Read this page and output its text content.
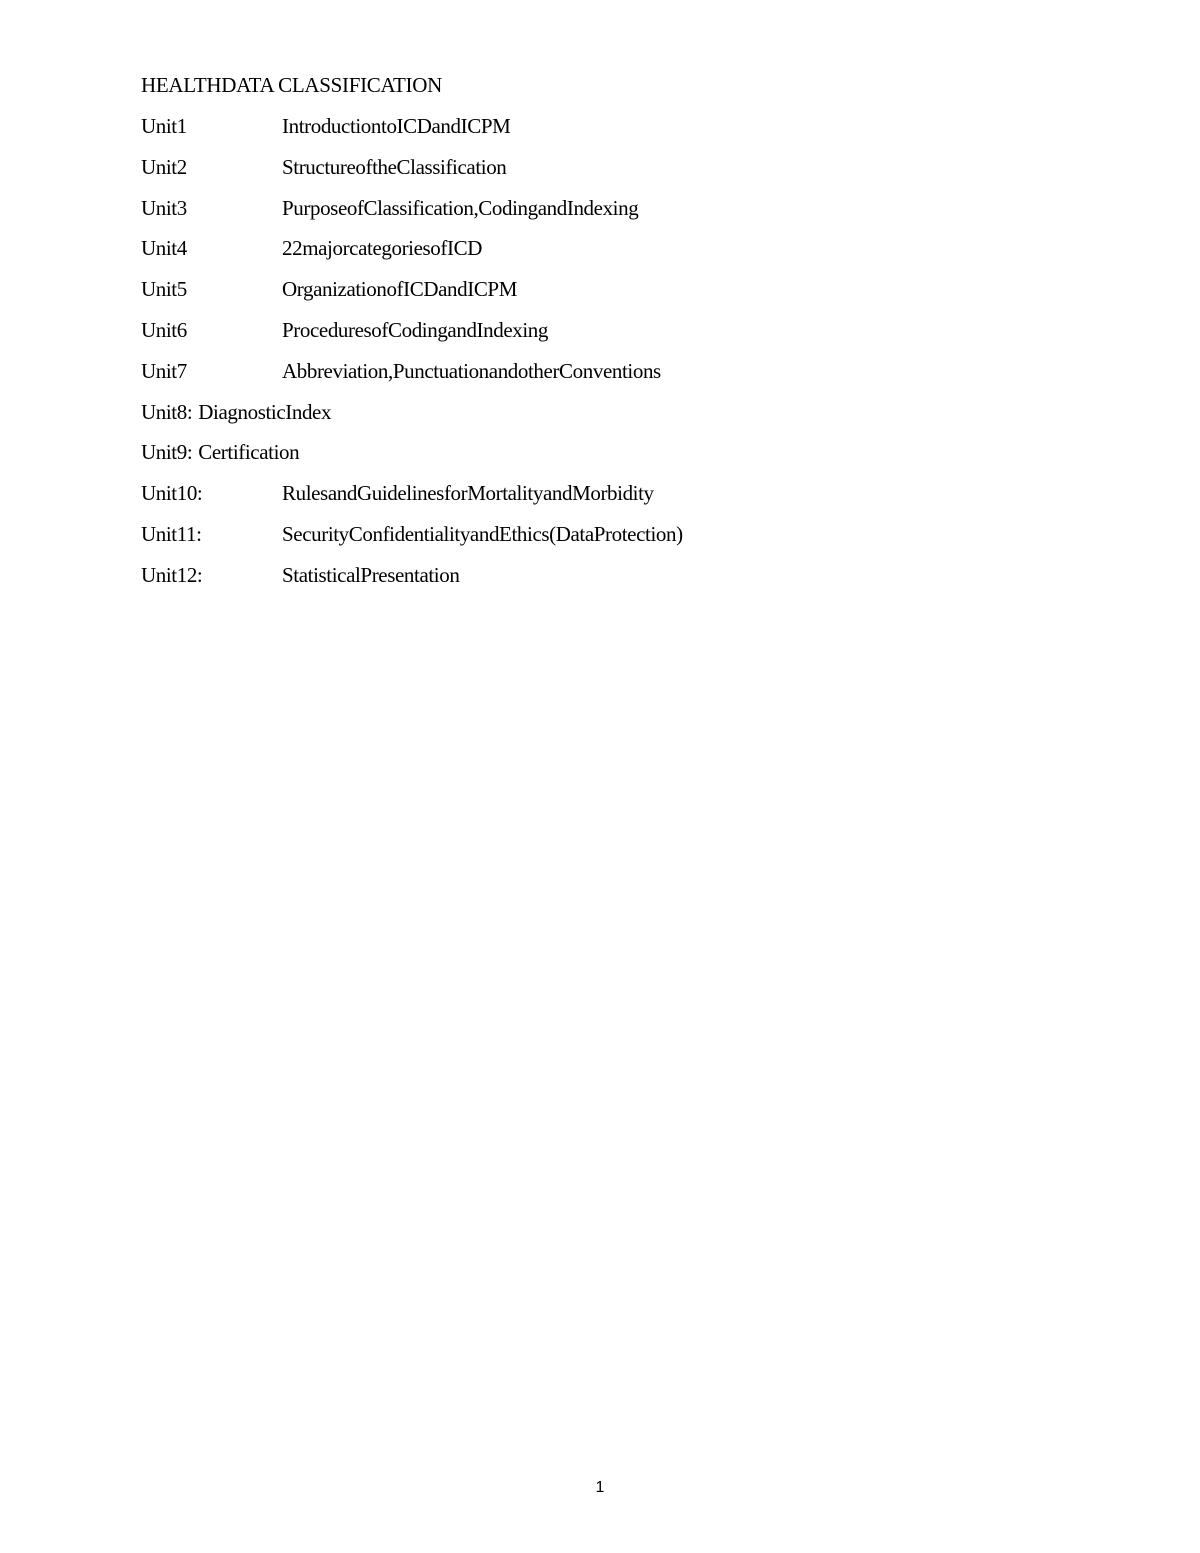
HEALTHDATA CLASSIFICATION
Unit1	IntroductiontoICDandICPM
Unit2	StructureoftheClassification
Unit3	PurposeofClassification,CodingandIndexing
Unit4	22majorcategoriesofICD
Unit5	OrganizationofICDandICPM
Unit6	ProceduresofCodingandIndexing
Unit7	Abbreviation,PunctuationandotherConventions
Unit8: DiagnosticIndex
Unit9: Certification
Unit10:	RulesandGuidelinesforMortalityandMorbidity
Unit11:	SecurityConfidentialityandEthics(DataProtection)
Unit12:	StatisticalPresentation
1
